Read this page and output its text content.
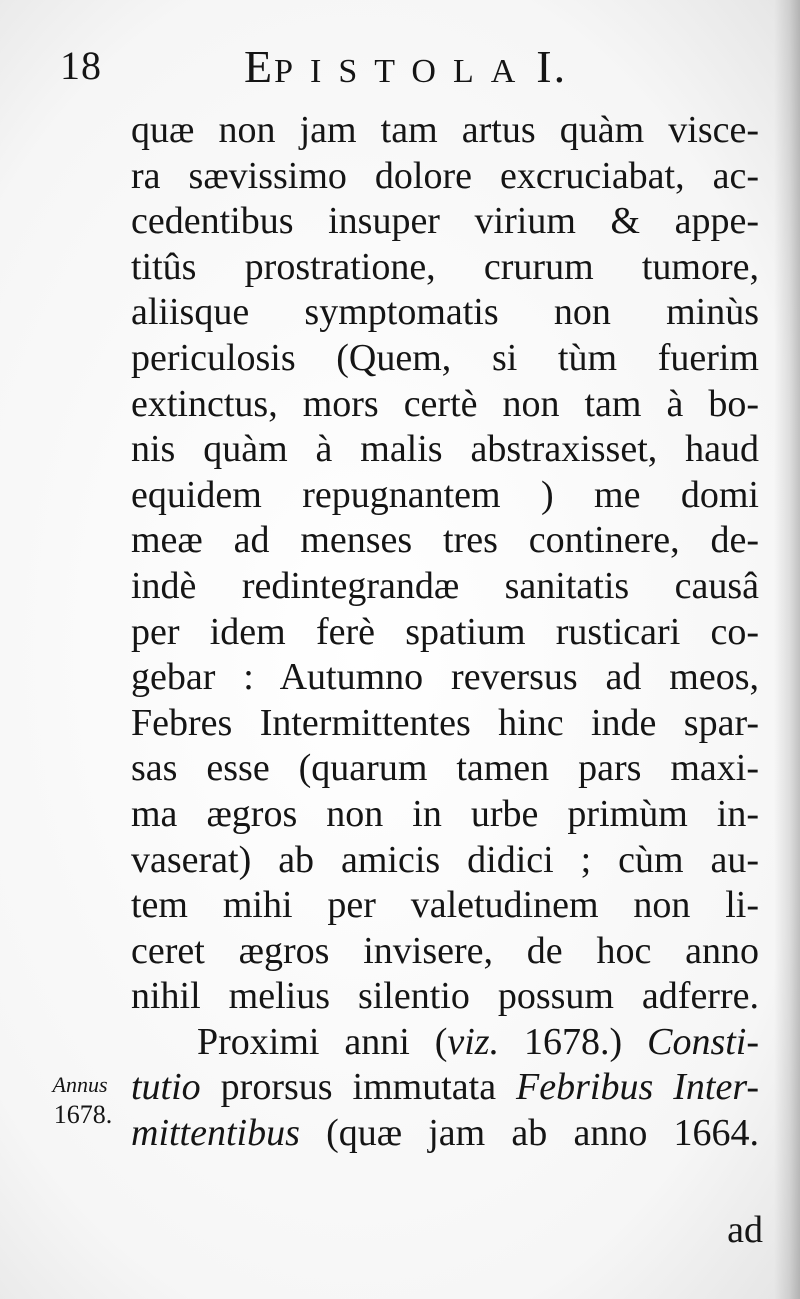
18	EPISTOLAI.
Annus
1678.
quæ non jam tam artus quàm visce-
ra sævissimo dolore excruciabat, ac-
cedentibus insuper virium & appe-
titûs prostratione, crurum tumore,
aliisque symptomatis non minùs
periculosis (Quem, si tùm fuerim
extinctus, mors certè non tam à bo-
nis quàm à malis abstraxisset, haud
equidem repugnantem ) me domi
meæ ad menses tres continere, de-
indè redintegrandæ sanitatis causâ
per idem ferè spatium rusticari co-
gebar : Autumno reversus ad meos,
Febres Intermittentes hinc inde spar-
sas esse (quarum tamen pars maxi-
ma ægros non in urbe primùm in-
vaserat) ab amicis didici ; cùm au-
tem mihi per valetudinem non li-
ceret ægros invisere, de hoc anno
nihil melius silentio possum adferre.
Proximi anni (viz. 1678.) Consti-
tutio prorsus immutata Febribus Inter-
mittentibus (quæ jam ab anno 1664.
ad
